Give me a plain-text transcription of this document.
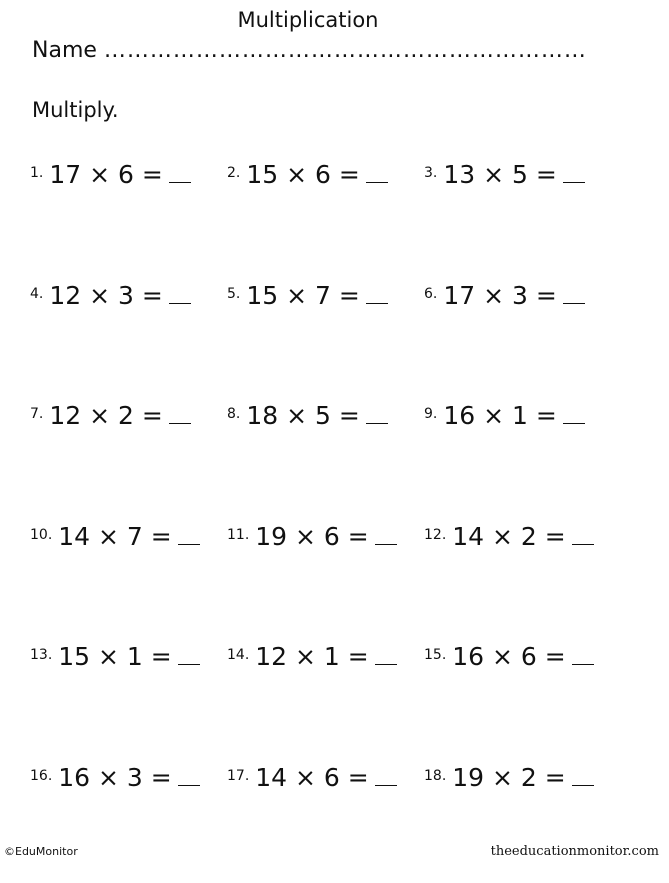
Multiplication
Name ………………………………………………………
Multiply.
1. 17 × 6 =	2. 15 × 6 =	3. 13 × 5 =
4. 12 × 3 =	5. 15 × 7 =	6. 17 × 3 =
7. 12 × 2 =	8. 18 × 5 =	9. 16 × 1 =
10. 14 × 7 =	11. 19 × 6 =	12. 14 × 2 =
13. 15 × 1 =	14. 12 × 1 =	15. 16 × 6 =
16. 16 × 3 =	17. 14 × 6 =	18. 19 × 2 =
©EduMonitor	theeducationmonitor.com
